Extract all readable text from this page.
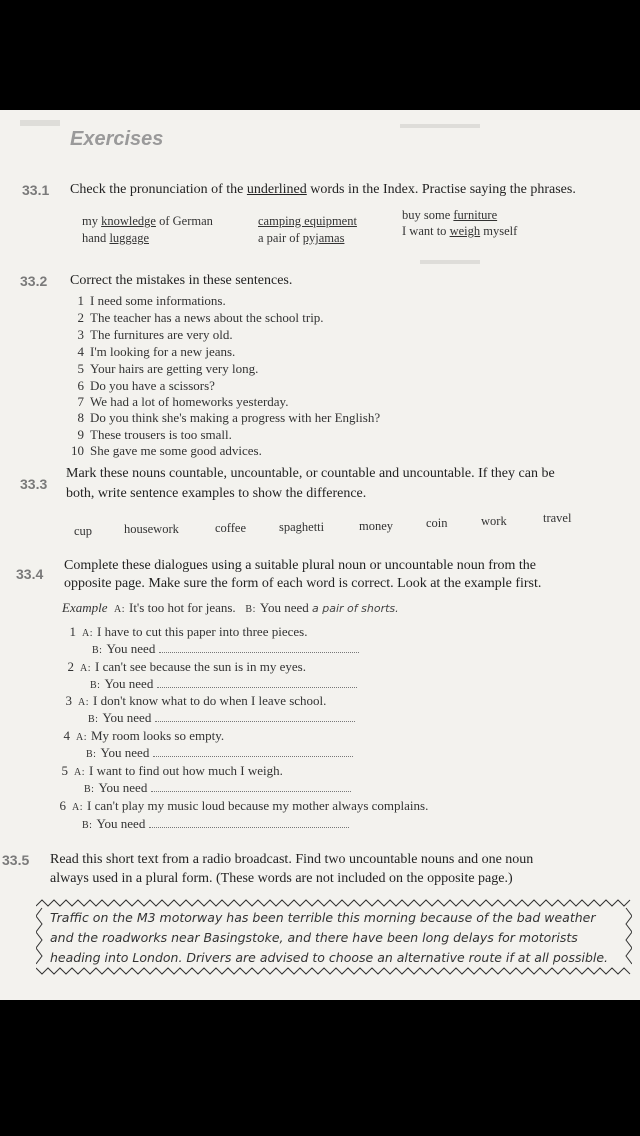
Exercises
33.1 Check the pronunciation of the underlined words in the Index. Practise saying the phrases.
my knowledge of German	camping equipment	buy some furniture
hand luggage	a pair of pyjamas	I want to weigh myself
33.2 Correct the mistakes in these sentences.
1 I need some informations.
2 The teacher has a news about the school trip.
3 The furnitures are very old.
4 I'm looking for a new jeans.
5 Your hairs are getting very long.
6 Do you have a scissors?
7 We had a lot of homeworks yesterday.
8 Do you think she's making a progress with her English?
9 These trousers is too small.
10 She gave me some good advices.
33.3
Mark these nouns countable, uncountable, or countable and uncountable. If they can be
both, write sentence examples to show the difference.
cup	housework	coffee	spaghetti	money	coin	work	travel
33.4
Complete these dialogues using a suitable plural noun or uncountable noun from the
opposite page. Make sure the form of each word is correct. Look at the example first.
Example A: It's too hot for jeans. B: You need a pair of shorts.
1 A: I have to cut this paper into three pieces.
B: You need
2 A: I can't see because the sun is in my eyes.
B: You need
3 A: I don't know what to do when I leave school.
B: You need
4 A: My room looks so empty.
B: You need
5 A: I want to find out how much I weigh.
B: You need
6 A: I can't play my music loud because my mother always complains.
B: You need
33.5 Read this short text from a radio broadcast. Find two uncountable nouns and one noun
always used in a plural form. (These words are not included on the opposite page.)
Traffic on the M3 motorway has been terrible this morning because of the bad weather
and the roadworks near Basingstoke, and there have been long delays for motorists
heading into London. Drivers are advised to choose an alternative route if at all possible.
